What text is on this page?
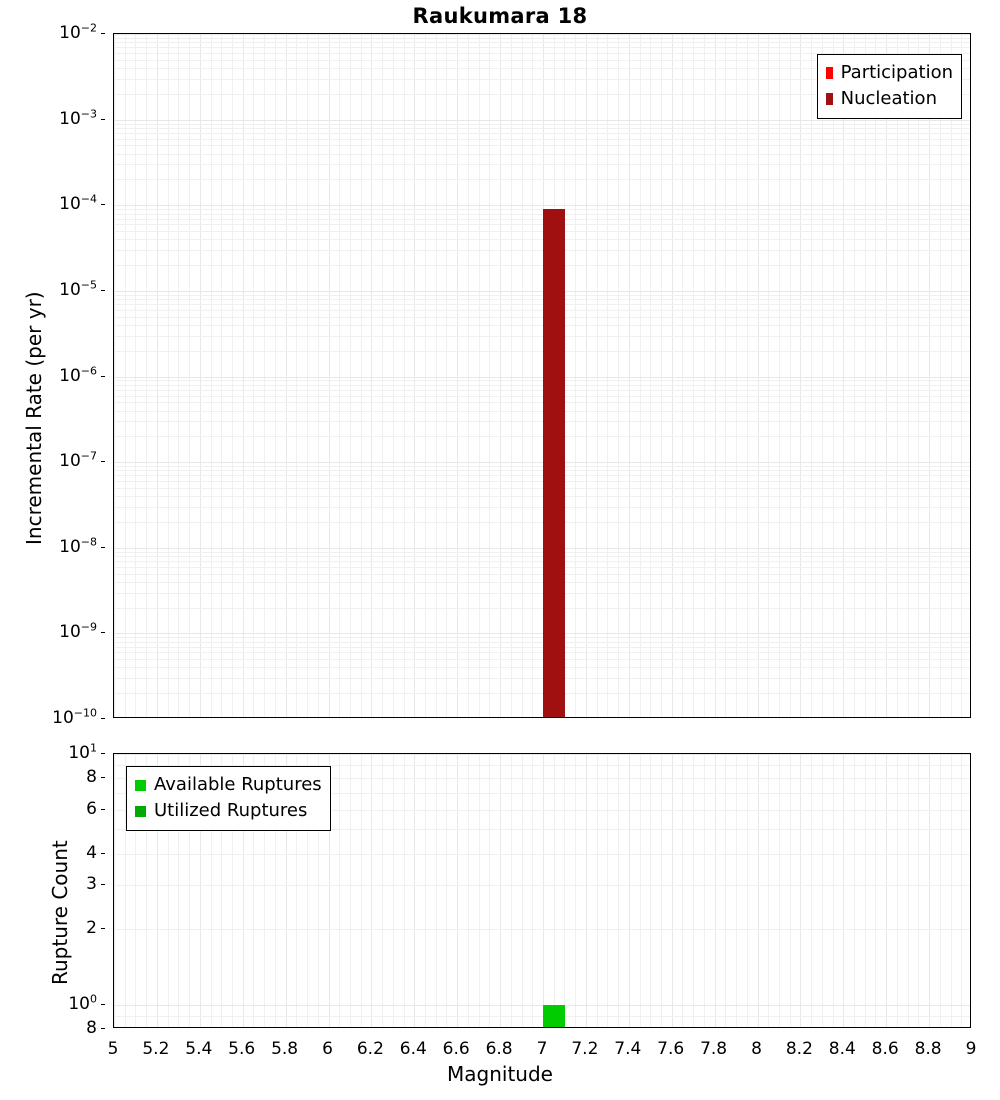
Raukumara 18
Participation
Nucleation
$10^{-2}$
$10^{-3}$
$10^{-4}$
$10^{-5}$
$10^{-6}$
$10^{-7}$
$10^{-8}$
$10^{-9}$
$10^{-10}$
Incremental Rate (per yr)
Available Ruptures
Utilized Ruptures
$10^1$
8
6
4
3
2
$10^0$
8
Rupture Count
5 5.2 5.4 5.6 5.8 6 6.2 6.4 6.6 6.8 7 7.2 7.4 7.6 7.8 8 8.2 8.4 8.6 8.8 9
Magnitude
